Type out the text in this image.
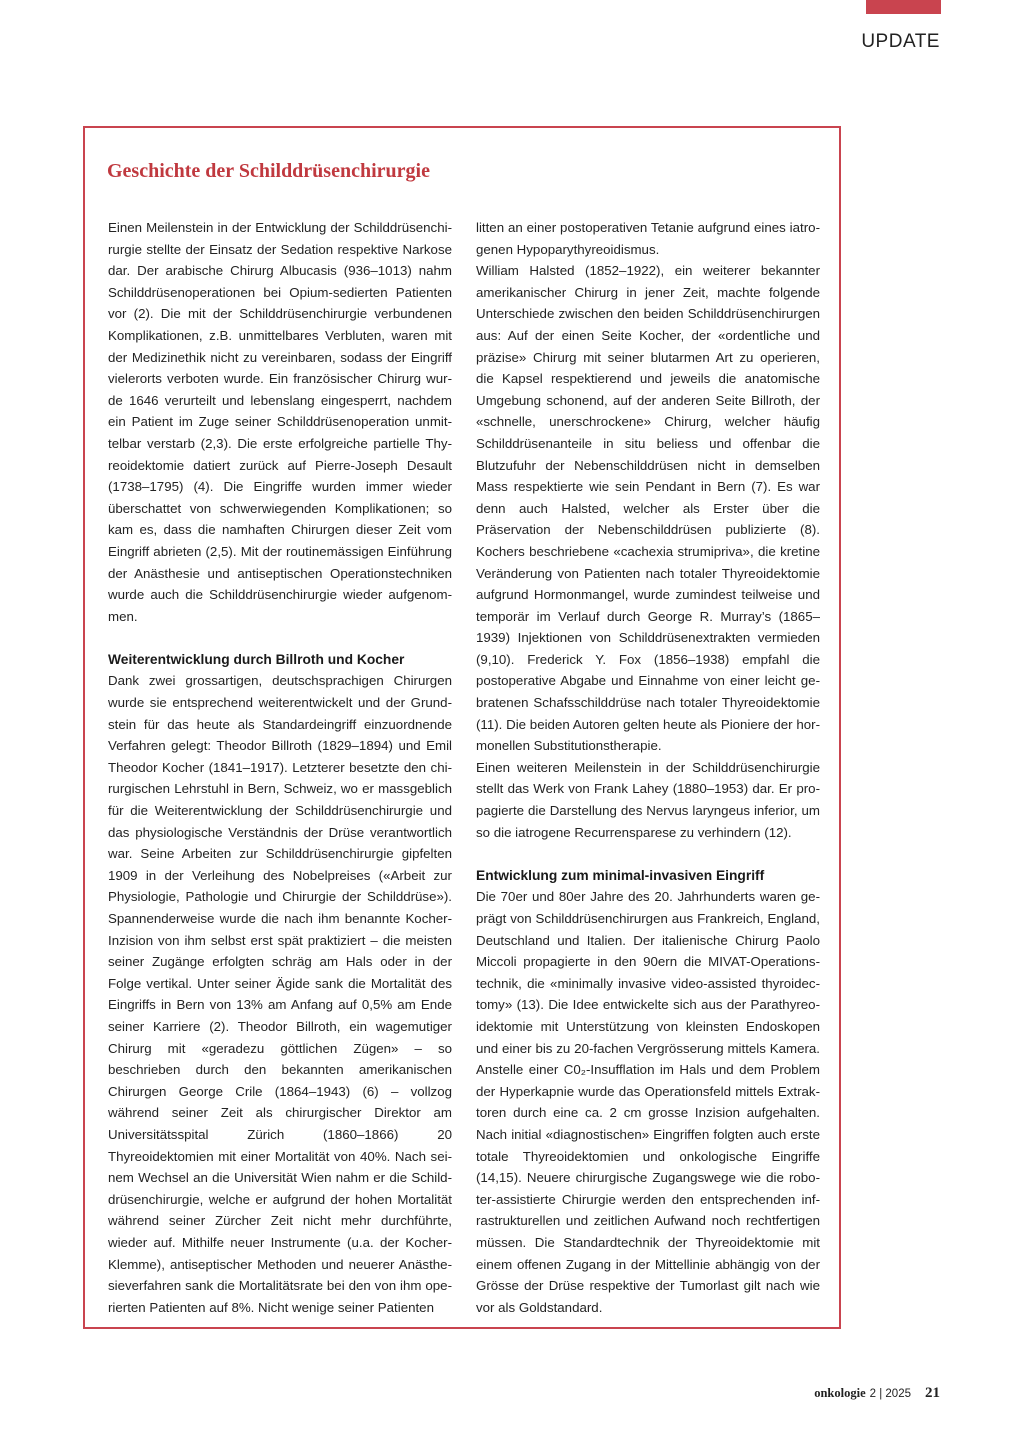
UPDATE
Geschichte der Schilddrüsenchirurgie

Einen Meilenstein in der Entwicklung der Schilddrüsenchirurgie stellte der Einsatz der Sedation respektive Narkose dar. Der arabische Chirurg Albucasis (936–1013) nahm Schilddrüsenoperationen bei Opium-sedierten Patienten vor (2). Die mit der Schilddrüsenchirurgie verbundenen Komplikationen, z.B. unmittelbares Verbluten, waren mit der Medizinethik nicht zu vereinbaren, sodass der Eingriff vielerorts verboten wurde. Ein französischer Chirurg wurde 1646 verurteilt und lebenslang eingesperrt, nachdem ein Patient im Zuge seiner Schilddrüsenoperation unmittelbar verstarb (2,3). Die erste erfolgreiche partielle Thyreoidektomie datiert zurück auf Pierre-Joseph Desault (1738–1795) (4). Die Eingriffe wurden immer wieder überschattet von schwerwiegenden Komplikationen; so kam es, dass die namhaften Chirurgen dieser Zeit vom Eingriff abrieten (2,5). Mit der routinemässigen Einführung der Anästhesie und antiseptischen Operationstechniken wurde auch die Schilddrüsenchirurgie wieder aufgenommen.

Weiterentwicklung durch Billroth und Kocher

Dank zwei grossartigen, deutschsprachigen Chirurgen wurde sie entsprechend weiterentwickelt und der Grundstein für das heute als Standardeingriff einzuordnende Verfahren gelegt: Theodor Billroth (1829–1894) und Emil Theodor Kocher (1841–1917). Letzterer besetzte den chirurgischen Lehrstuhl in Bern, Schweiz, wo er massgeblich für die Weiterentwicklung der Schilddrüsenchirurgie und das physiologische Verständnis der Drüse verantwortlich war. Seine Arbeiten zur Schilddrüsenchirurgie gipfelten 1909 in der Verleihung des Nobelpreises («Arbeit zur Physiologie, Pathologie und Chirurgie der Schilddrüse»). Spannenderweise wurde die nach ihm benannte Kocher-Inzision von ihm selbst erst spät praktiziert – die meisten seiner Zugänge erfolgten schräg am Hals oder in der Folge vertikal. Unter seiner Ägide sank die Mortalität des Eingriffs in Bern von 13% am Anfang auf 0,5% am Ende seiner Karriere (2). Theodor Billroth, ein wagemutiger Chirurg mit «geradezu göttlichen Zügen» – so beschrieben durch den bekannten amerikanischen Chirurgen George Crile (1864–1943) (6) – vollzog während seiner Zeit als chirurgischer Direktor am Universitätsspital Zürich (1860–1866) 20 Thyreoidektomien mit einer Mortalität von 40%. Nach seinem Wechsel an die Universität Wien nahm er die Schilddrüsenchirurgie, welche er aufgrund der hohen Mortalität während seiner Zürcher Zeit nicht mehr durchführte, wieder auf. Mithilfe neuer Instrumente (u.a. der Kocher-Klemme), antiseptischer Methoden und neuerer Anästhesieverfahren sank die Mortalitätsrate bei den von ihm operierten Patienten auf 8%. Nicht wenige seiner Patienten

litten an einer postoperativen Tetanie aufgrund eines iatrogenen Hypoparythyreoidismus.

William Halsted (1852–1922), ein weiterer bekannter amerikanischer Chirurg in jener Zeit, machte folgende Unterschiede zwischen den beiden Schilddrüsenchirurgen aus: Auf der einen Seite Kocher, der «ordentliche und präzise» Chirurg mit seiner blutarmen Art zu operieren, die Kapsel respektierend und jeweils die anatomische Umgebung schonend, auf der anderen Seite Billroth, der «schnelle, unerschrockene» Chirurg, welcher häufig Schilddrüsenanteile in situ beliess und offenbar die Blutzufuhr der Nebenschilddrüsen nicht in demselben Mass respektierte wie sein Pendant in Bern (7). Es war denn auch Halsted, welcher als Erster über die Präservation der Nebenschilddrüsen publizierte (8). Kochers beschriebene «cachexia strumipriva», die kretine Veränderung von Patienten nach totaler Thyreoidektomie aufgrund Hormonmangel, wurde zumindest teilweise und temporär im Verlauf durch George R. Murray’s (1865–1939) Injektionen von Schilddrüsenextrakten vermieden (9,10). Frederick Y. Fox (1856–1938) empfahl die postoperative Abgabe und Einnahme von einer leicht gebratenen Schafsschilddrüse nach totaler Thyreoidektomie (11). Die beiden Autoren gelten heute als Pioniere der hormonellen Substitutionstherapie.

Einen weiteren Meilenstein in der Schilddrüsenchirurgie stellt das Werk von Frank Lahey (1880–1953) dar. Er propagierte die Darstellung des Nervus laryngeus inferior, um so die iatrogene Recurrensparese zu verhindern (12).

Entwicklung zum minimal-invasiven Eingriff

Die 70er und 80er Jahre des 20. Jahrhunderts waren geprägt von Schilddrüsenchirurgen aus Frankreich, England, Deutschland und Italien. Der italienische Chirurg Paolo Miccoli propagierte in den 90ern die MIVAT-Operationstechnik, die «minimally invasive video-assisted thyroidectomy» (13). Die Idee entwickelte sich aus der Parathyreoidektomie mit Unterstützung von kleinsten Endoskopen und einer bis zu 20-fachen Vergrösserung mittels Kamera. Anstelle einer C0₂-Insufflation im Hals und dem Problem der Hyperkapnie wurde das Operationsfeld mittels Extraktoren durch eine ca. 2 cm grosse Inzision aufgehalten. Nach initial «diagnostischen» Eingriffen folgten auch erste totale Thyreoidektomien und onkologische Eingriffe (14,15). Neuere chirurgische Zugangswege wie die roboter-assistierte Chirurgie werden den entsprechenden infrastrukturellen und zeitlichen Aufwand noch rechtfertigen müssen. Die Standardtechnik der Thyreoidektomie mit einem offenen Zugang in der Mittellinie abhängig von der Grösse der Drüse respektive der Tumorlast gilt nach wie vor als Goldstandard.

onkologie 2 | 2025 21
